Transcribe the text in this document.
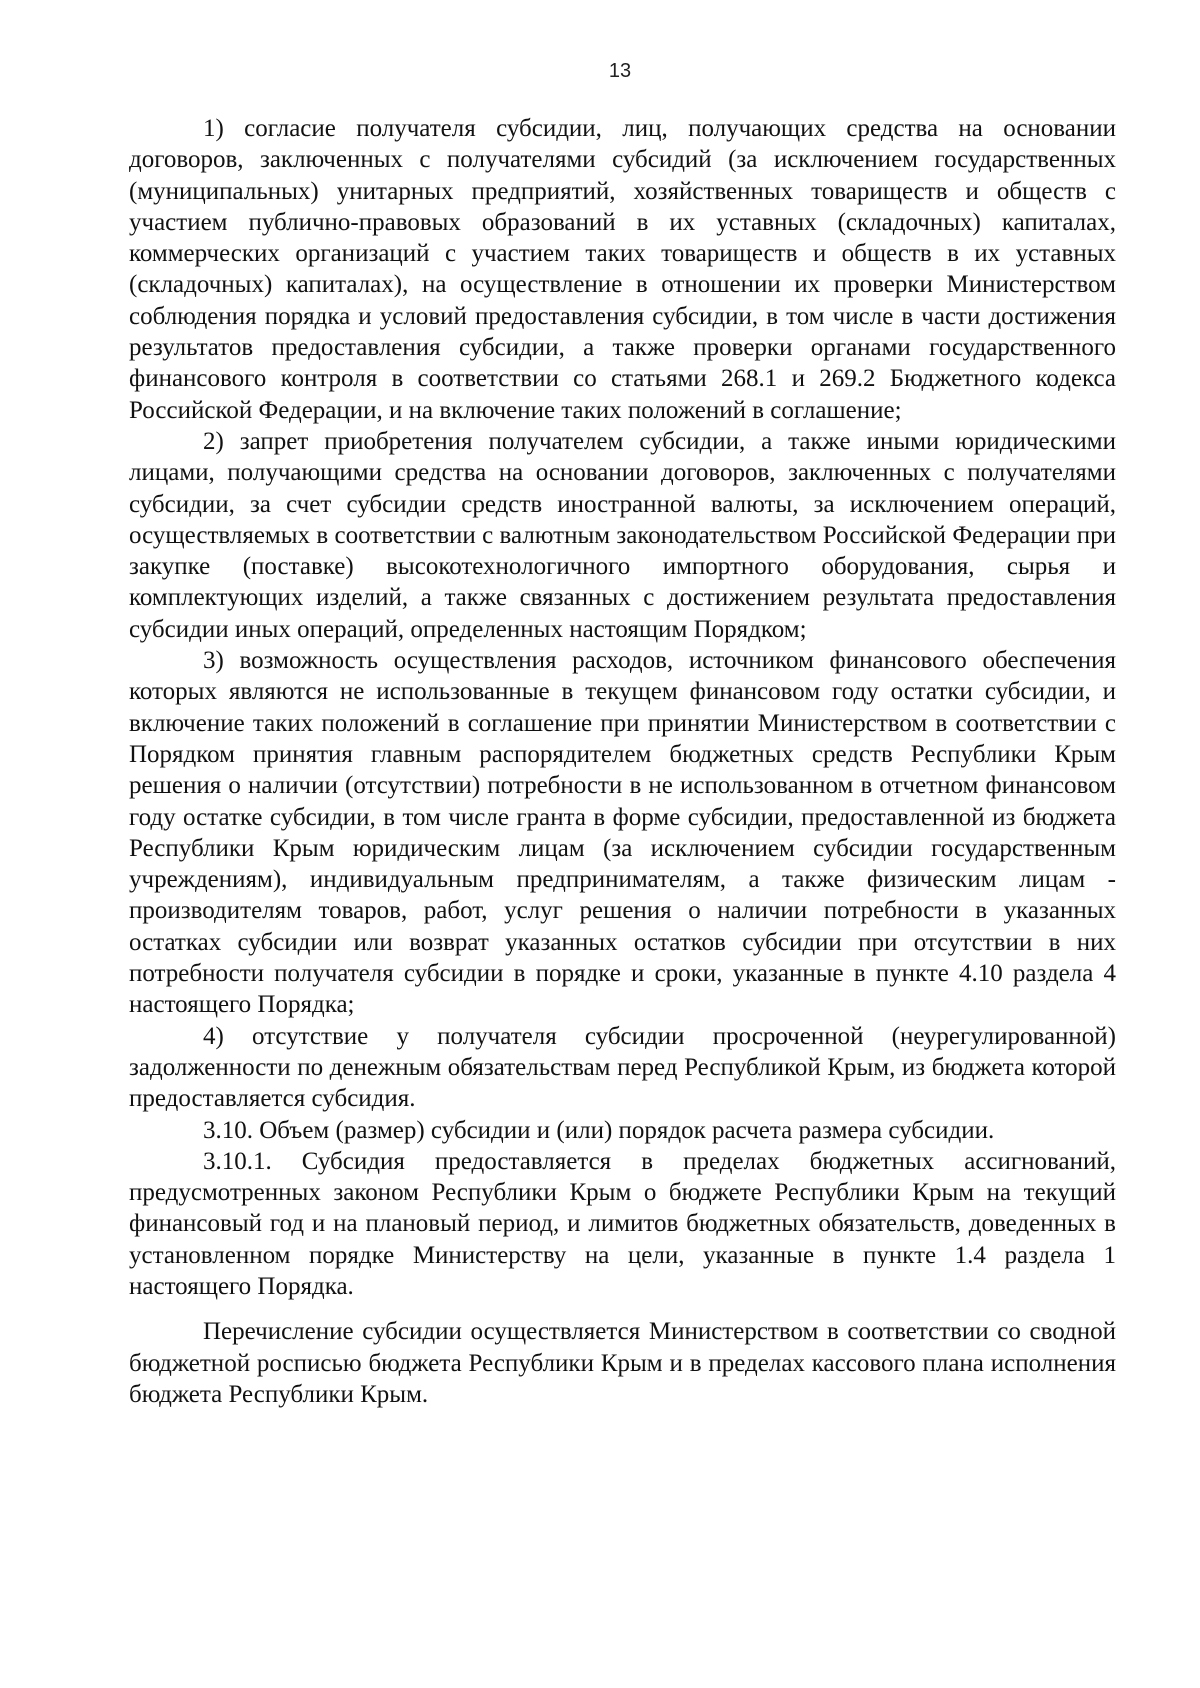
13

1) согласие получателя субсидии, лиц, получающих средства на основании договоров, заключенных с получателями субсидий (за исключением государственных (муниципальных) унитарных предприятий, хозяйственных товариществ и обществ с участием публично-правовых образований в их уставных (складочных) капиталах, коммерческих организаций с участием таких товариществ и обществ в их уставных (складочных) капиталах), на осуществление в отношении их проверки Министерством соблюдения порядка и условий предоставления субсидии, в том числе в части достижения результатов предоставления субсидии, а также проверки органами государственного финансового контроля в соответствии со статьями 268.1 и 269.2 Бюджетного кодекса Российской Федерации, и на включение таких положений в соглашение;

2) запрет приобретения получателем субсидии, а также иными юридическими лицами, получающими средства на основании договоров, заключенных с получателями субсидии, за счет субсидии средств иностранной валюты, за исключением операций, осуществляемых в соответствии с валютным законодательством Российской Федерации при закупке (поставке) высокотехнологичного импортного оборудования, сырья и комплектующих изделий, а также связанных с достижением результата предоставления субсидии иных операций, определенных настоящим Порядком;

3) возможность осуществления расходов, источником финансового обеспечения которых являются не использованные в текущем финансовом году остатки субсидии, и включение таких положений в соглашение при принятии Министерством в соответствии с Порядком принятия главным распорядителем бюджетных средств Республики Крым решения о наличии (отсутствии) потребности в не использованном в отчетном финансовом году остатке субсидии, в том числе гранта в форме субсидии, предоставленной из бюджета Республики Крым юридическим лицам (за исключением субсидии государственным учреждениям), индивидуальным предпринимателям, а также физическим лицам - производителям товаров, работ, услуг решения о наличии потребности в указанных остатках субсидии или возврат указанных остатков субсидии при отсутствии в них потребности получателя субсидии в порядке и сроки, указанные в пункте 4.10 раздела 4 настоящего Порядка;

4) отсутствие у получателя субсидии просроченной (неурегулированной) задолженности по денежным обязательствам перед Республикой Крым, из бюджета которой предоставляется субсидия.

3.10. Объем (размер) субсидии и (или) порядок расчета размера субсидии.

3.10.1. Субсидия предоставляется в пределах бюджетных ассигнований, предусмотренных законом Республики Крым о бюджете Республики Крым на текущий финансовый год и на плановый период, и лимитов бюджетных обязательств, доведенных в установленном порядке Министерству на цели, указанные в пункте 1.4 раздела 1 настоящего Порядка.

Перечисление субсидии осуществляется Министерством в соответствии со сводной бюджетной росписью бюджета Республики Крым и в пределах кассового плана исполнения бюджета Республики Крым.
